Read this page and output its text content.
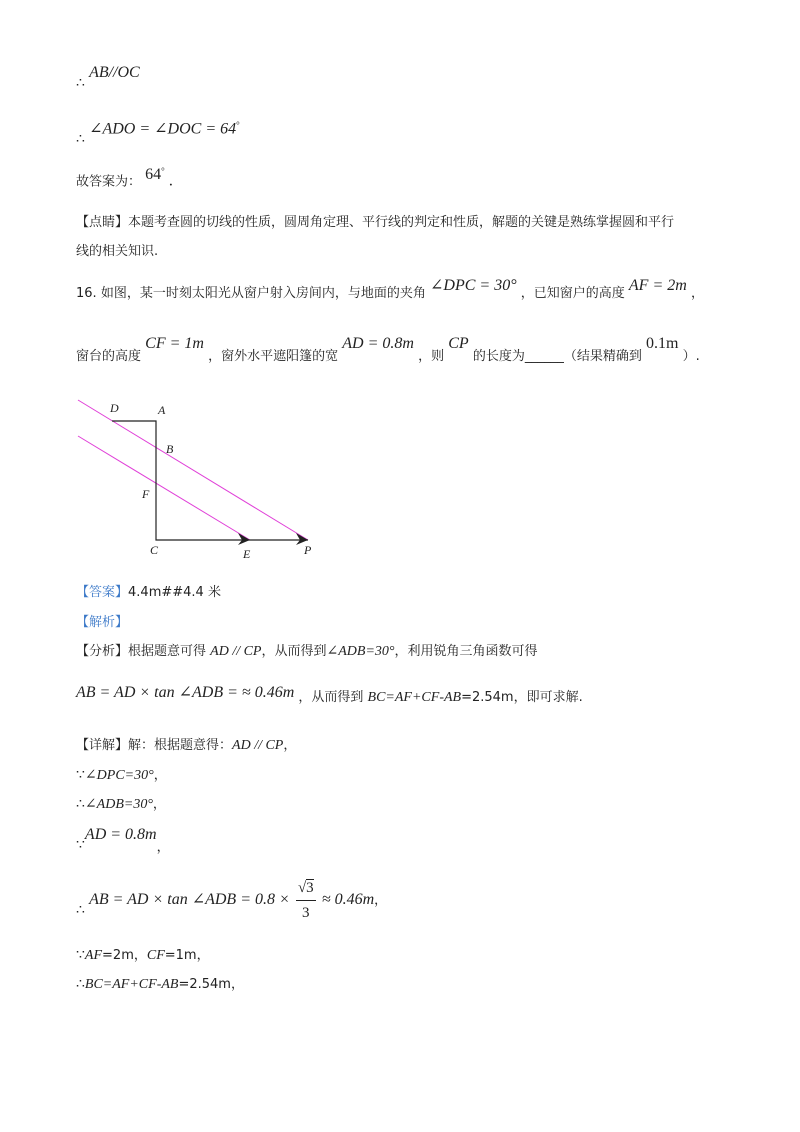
∴ AB//OC
∴ ∠ADO = ∠DOC = 64°
故答案为： 64° .
【点睛】本题考查圆的切线的性质，圆周角定理、平行线的判定和性质，解题的关键是熟练掌握圆和平行
线的相关知识.
16. 如图，某一时刻太阳光从窗户射入房间内，与地面的夹角 ∠DPC = 30° ，已知窗户的高度 AF = 2m ，
窗台的高度 CF = 1m ，窗外水平遮阳篷的宽 AD = 0.8m ，则 CP 的长度为______（结果精确到 0.1m ）.
D	A
B
F
C	E	P
【答案】4.4m##4.4 米
【解析】
【分析】根据题意可得 AD // CP，从而得到∠ADB=30°，利用锐角三角函数可得
AB = AD × tan ∠ADB = ≈ 0.46m ，从而得到 BC=AF+CF-AB=2.54m，即可求解.
【详解】解：根据题意得：AD // CP，
∵∠DPC=30°，
∴∠ADB=30°，
∵AD = 0.8m，
∴ AB = AD × tan ∠ADB = $0.8 \times \frac{√3}{3} \approx 0.46m$，
∵AF=2m，CF=1m，
∴BC=AF+CF-AB=2.54m，
